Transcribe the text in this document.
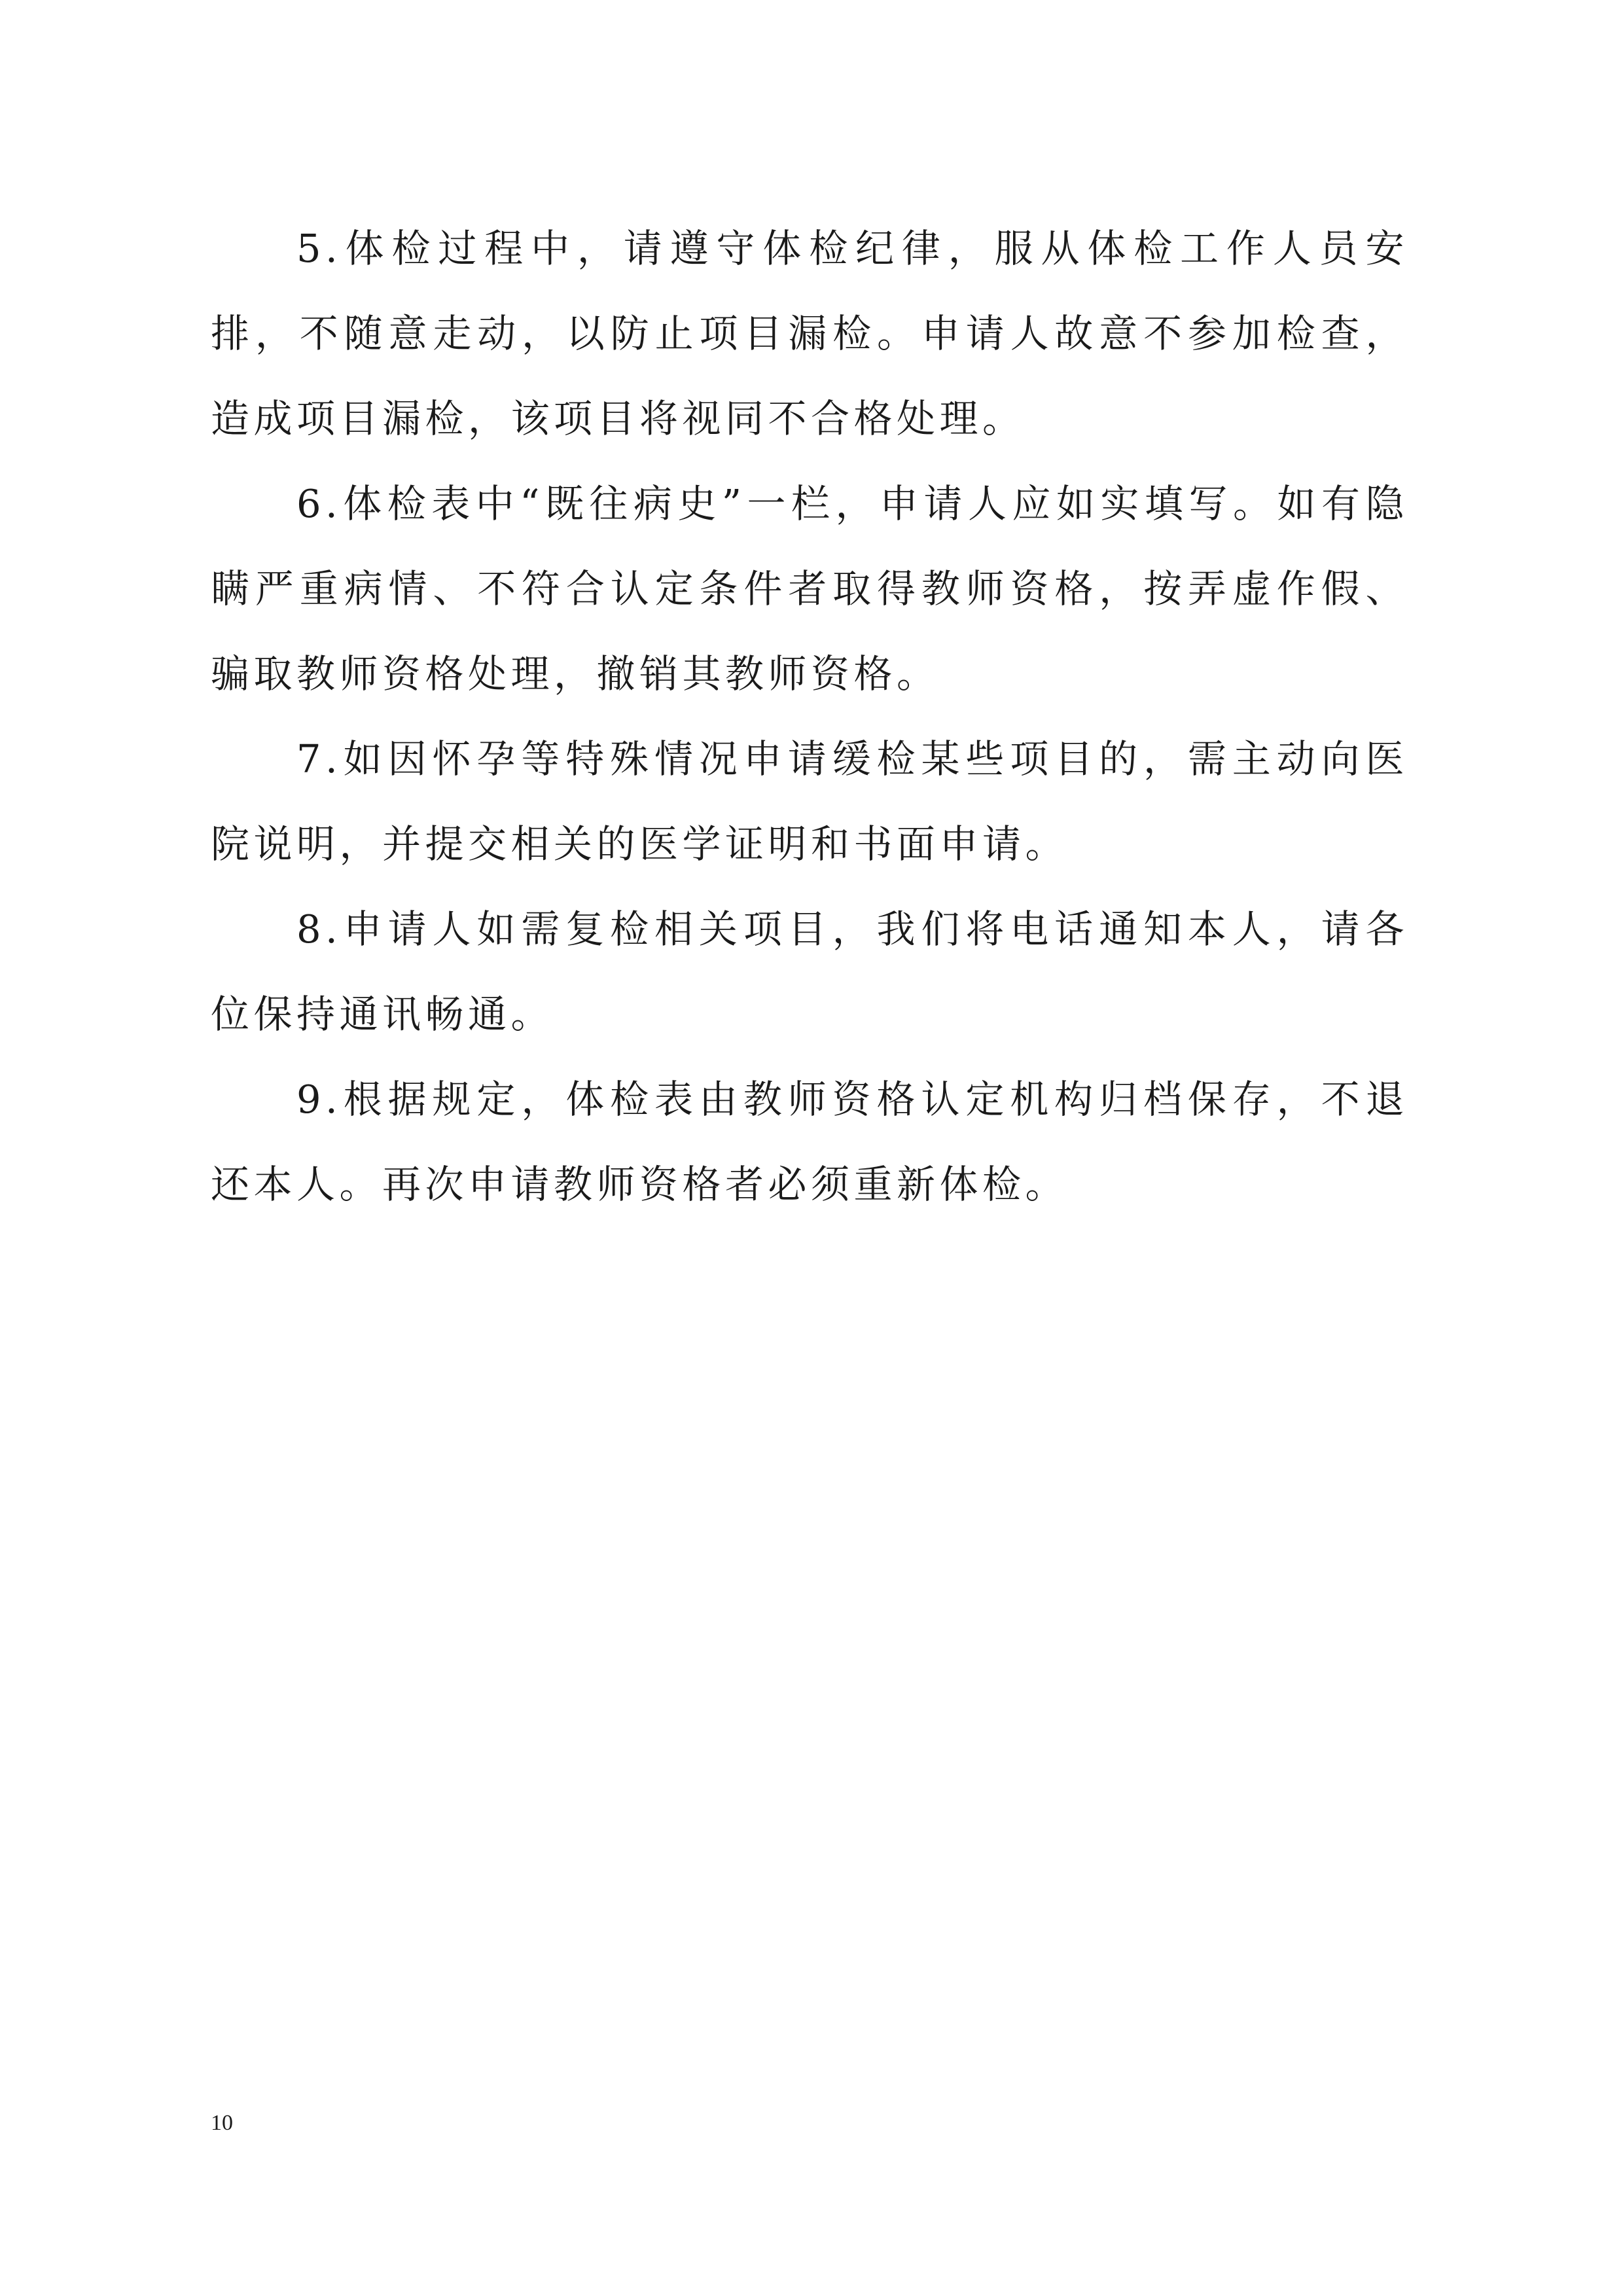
5.体检过程中，请遵守体检纪律，服从体检工作人员安排，不随意走动，以防止项目漏检。申请人故意不参加检查，造成项目漏检，该项目将视同不合格处理。

6.体检表中“既往病史”一栏，申请人应如实填写。如有隐瞒严重病情、不符合认定条件者取得教师资格，按弄虚作假、骗取教师资格处理，撤销其教师资格。

7.如因怀孕等特殊情况申请缓检某些项目的，需主动向医院说明，并提交相关的医学证明和书面申请。

8.申请人如需复检相关项目，我们将电话通知本人，请各位保持通讯畅通。

9.根据规定，体检表由教师资格认定机构归档保存，不退还本人。再次申请教师资格者必须重新体检。

10
